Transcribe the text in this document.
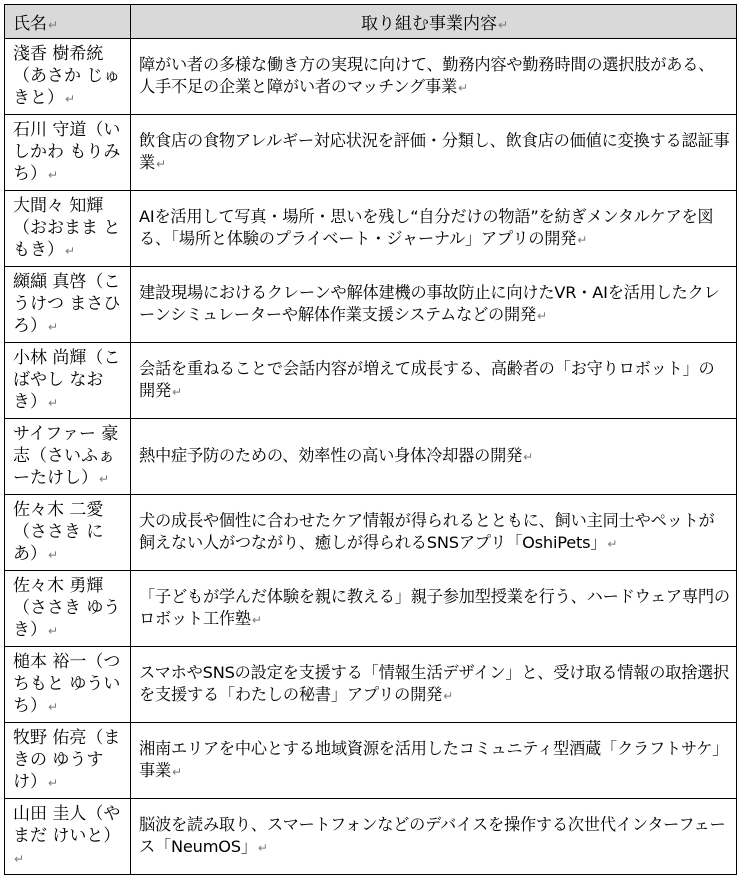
氏名↵	取り組む事業内容↵
淺香 樹希統（あさか じゅきと）↵	障がい者の多様な働き方の実現に向けて、勤務内容や勤務時間の選択肢がある、人手不足の企業と障がい者のマッチング事業↵
石川 守道（いしかわ もりみち）↵	飲食店の食物アレルギー対応状況を評価・分類し、飲食店の価値に変換する認証事業↵
大間々 知輝（おおまま ともき）↵	AIを活用して写真・場所・思いを残し“自分だけの物語”を紡ぎメンタルケアを図る、「場所と体験のプライベート・ジャーナル」アプリの開発↵
纐纈 真啓（こうけつ まさひろ）↵	建設現場におけるクレーンや解体建機の事故防止に向けたVR・AIを活用したクレーンシミュレーターや解体作業支援システムなどの開発↵
小林 尚輝（こばやし なおき）↵	会話を重ねることで会話内容が増えて成長する、高齢者の「お守りロボット」の開発↵
サイファー 豪志（さいふぁーたけし）↵	熱中症予防のための、効率性の高い身体冷却器の開発↵
佐々木 二愛（ささき にあ）↵	犬の成長や個性に合わせたケア情報が得られるとともに、飼い主同士やペットが飼えない人がつながり、癒しが得られるSNSアプリ「OshiPets」↵
佐々木 勇輝（ささき ゆうき）↵	「子どもが学んだ体験を親に教える」親子参加型授業を行う、ハードウェア専門のロボット工作塾↵
槌本 裕一（つちもと ゆういち）↵	スマホやSNSの設定を支援する「情報生活デザイン」と、受け取る情報の取捨選択を支援する「わたしの秘書」アプリの開発↵
牧野 佑亮（まきの ゆうすけ）↵	湘南エリアを中心とする地域資源を活用したコミュニティ型酒蔵「クラフトサケ」事業↵
山田 圭人（やまだ けいと）↵	脳波を読み取り、スマートフォンなどのデバイスを操作する次世代インターフェース「NeumOS」↵
